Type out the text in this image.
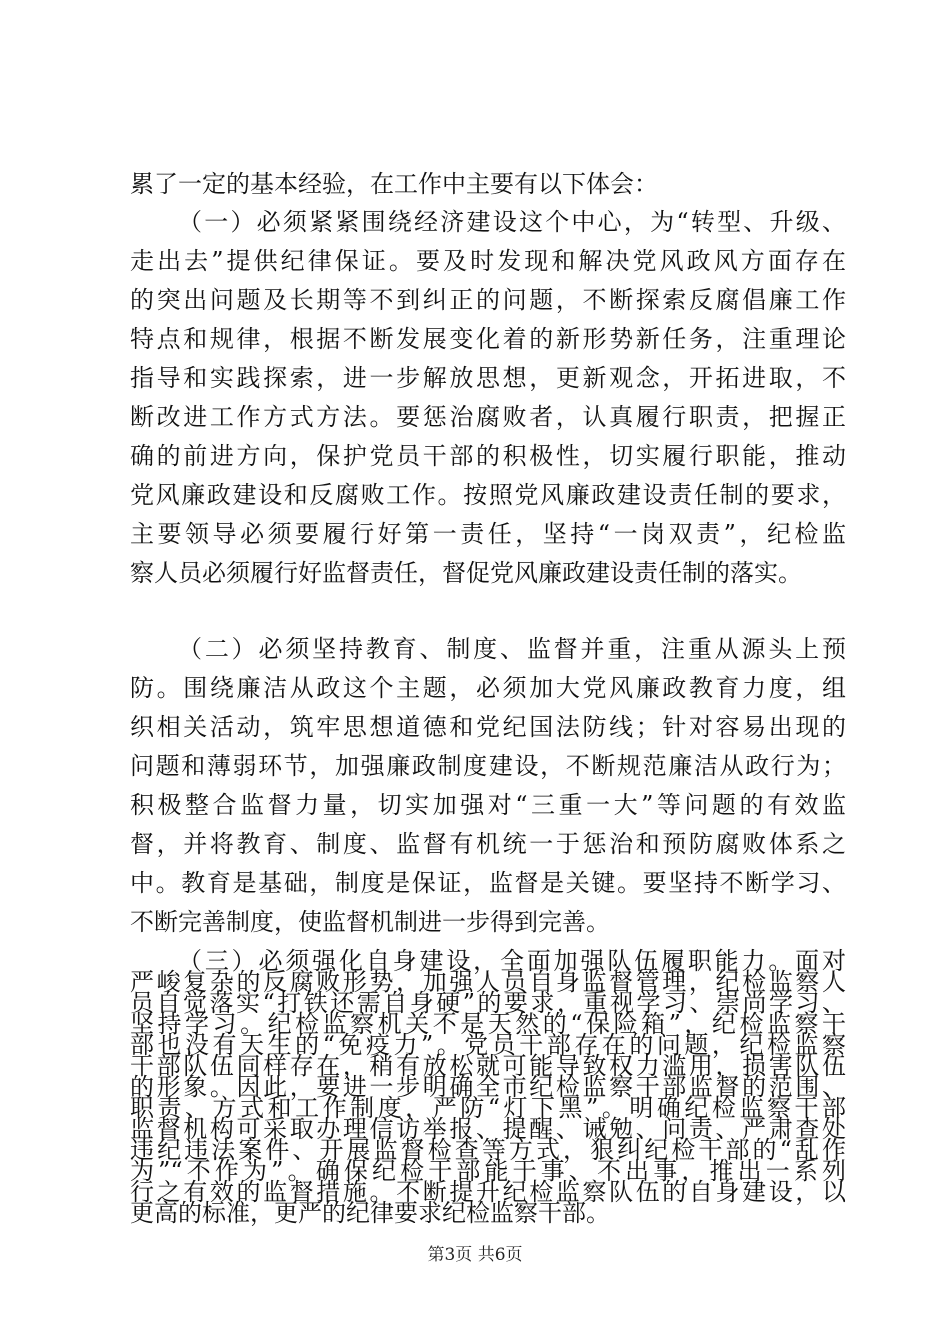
累了一定的基本经验，在工作中主要有以下体会：
（一）必须紧紧围绕经济建设这个中心，为“转型、升级、
走出去”提供纪律保证。要及时发现和解决党风政风方面存在
的突出问题及长期等不到纠正的问题，不断探索反腐倡廉工作
特点和规律，根据不断发展变化着的新形势新任务，注重理论
指导和实践探索，进一步解放思想，更新观念，开拓进取，不
断改进工作方式方法。要惩治腐败者，认真履行职责，把握正
确的前进方向，保护党员干部的积极性，切实履行职能，推动
党风廉政建设和反腐败工作。按照党风廉政建设责任制的要求，
主要领导必须要履行好第一责任，坚持“一岗双责”，纪检监
察人员必须履行好监督责任，督促党风廉政建设责任制的落实。
（二）必须坚持教育、制度、监督并重，注重从源头上预
防。围绕廉洁从政这个主题，必须加大党风廉政教育力度，组
织相关活动，筑牢思想道德和党纪国法防线；针对容易出现的
问题和薄弱环节，加强廉政制度建设，不断规范廉洁从政行为；
积极整合监督力量，切实加强对“三重一大”等问题的有效监
督，并将教育、制度、监督有机统一于惩治和预防腐败体系之
中。教育是基础，制度是保证，监督是关键。要坚持不断学习、
不断完善制度，使监督机制进一步得到完善。
（三）必须强化自身建设，全面加强队伍履职能力。面对
严峻复杂的反腐败形势，加强人员自身监督管理，纪检监察人
员自觉落实“打铁还需自身硬”的要求，重视学习、崇尚学习、
坚持学习。纪检监察机关不是天然的“保险箱”，纪检监察干
部也没有天生的“免疫力”。党员干部存在的问题，纪检监察
干部队伍同样存在，稍有放松就可能导致权力滥用，损害队伍
的形象。因此，要进一步明确全市纪检监察干部监督的范围、
职责、方式和工作制度，严防“灯下黑”。明确纪检监察干部
监督机构可采取办理信访举报、提醒、诫勉、问责、严肃查处
违纪违法案件、开展监督检查等方式，狠纠纪检干部的“乱作
为”“不作为”。确保纪检干部能干事、不出事，推出一系列
行之有效的监督措施。不断提升纪检监察队伍的自身建设，以
更高的标准，更严的纪律要求纪检监察干部。
第3页 共6页
